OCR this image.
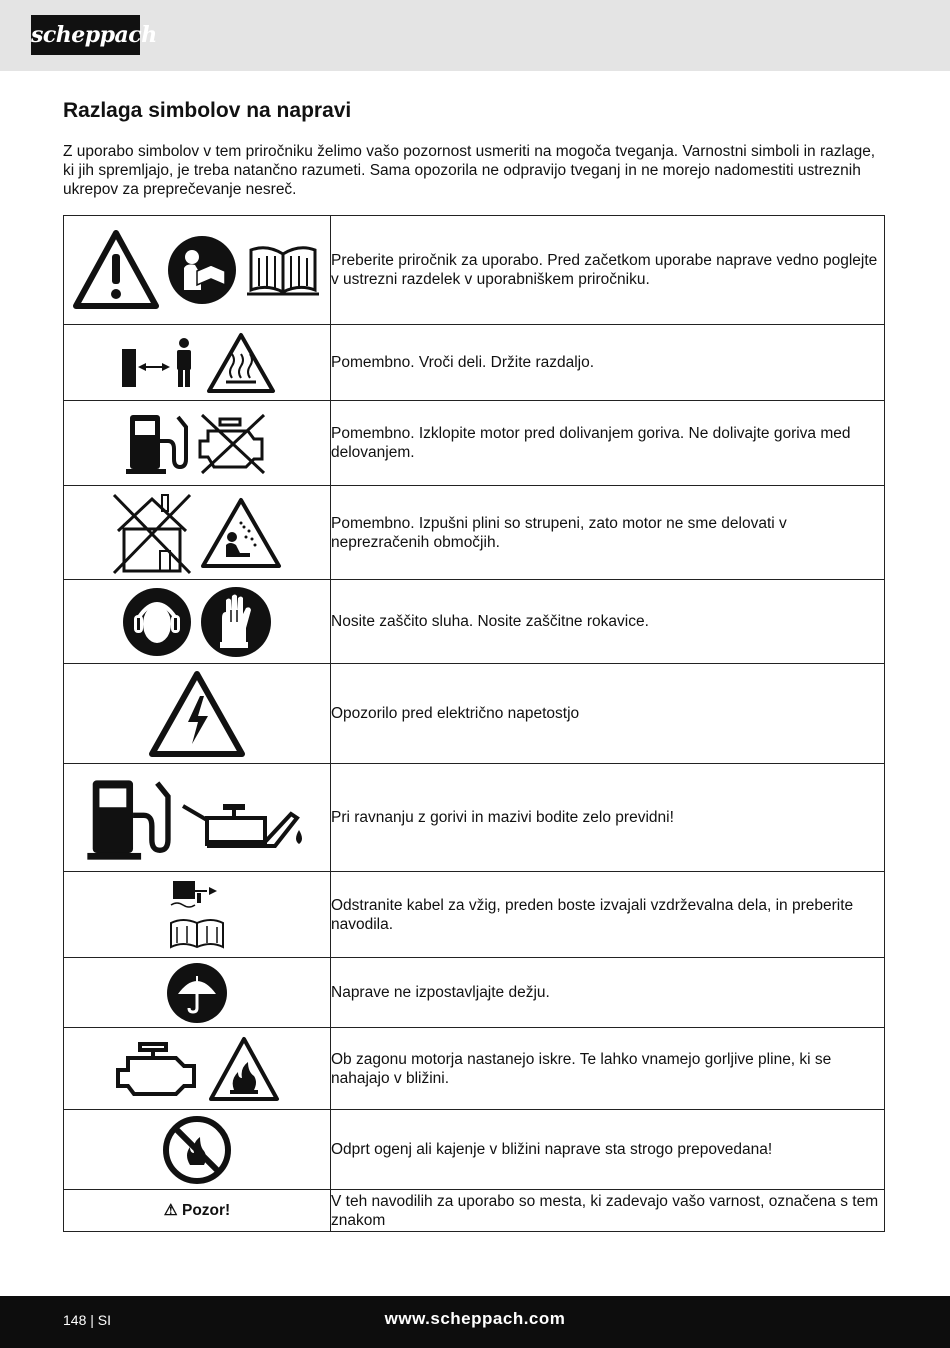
scheppach
Razlaga simbolov na napravi

Z uporabo simbolov v tem priročniku želimo vašo pozornost usmeriti na mogoča tveganja. Varnostni simboli in razlage, ki jih spremljajo, je treba natančno razumeti. Sama opozorila ne odpravijo tveganj in ne morejo nadomestiti ustreznih ukrepov za preprečevanje nesreč.

	Preberite priročnik za uporabo. Pred začetkom uporabe naprave vedno poglejte v ustrezni razdelek v uporabniškem priročniku.
	Pomembno. Vroči deli. Držite razdaljo.
	Pomembno. Izklopite motor pred dolivanjem goriva. Ne dolivajte goriva med delovanjem.
	Pomembno. Izpušni plini so strupeni, zato motor ne sme delovati v neprezračenih območjih.
	Nosite zaščito sluha. Nosite zaščitne rokavice.
	Opozorilo pred električno napetostjo
	Pri ravnanju z gorivi in mazivi bodite zelo previdni!
	Odstranite kabel za vžig, preden boste izvajali vzdrževalna dela, in preberite navodila.
	Naprave ne izpostavljajte dežju.
	Ob zagonu motorja nastanejo iskre. Te lahko vnamejo gorljive pline, ki se nahajajo v bližini.
	Odprt ogenj ali kajenje v bližini naprave sta strogo prepovedana!
⚠ Pozor!	V teh navodilih za uporabo so mesta, ki zadevajo vašo varnost, označena s tem znakom
148 | SI	www.scheppach.com
